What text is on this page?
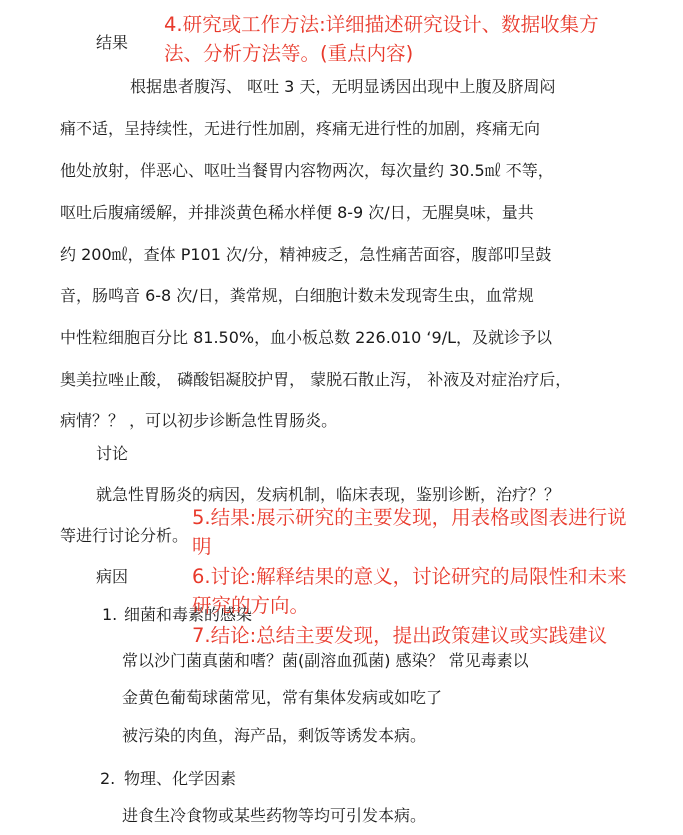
结果
根据患者腹泻、 呕吐 3 天，无明显诱因出现中上腹及脐周闷
痛不适，呈持续性，无进行性加剧，疼痛无进行性的加剧，疼痛无向
他处放射，伴恶心、呕吐当餐胃内容物两次，每次量约 30.5㎖ 不等，
呕吐后腹痛缓解，并排淡黄色稀水样便 8-9 次/日，无腥臭味，量共
约 200㎖，查体 P101 次/分，精神疲乏，急性痛苦面容，腹部叩呈鼓
音，肠鸣音 6-8 次/日，粪常规，白细胞计数未发现寄生虫，血常规
中性粒细胞百分比 81.50%，血小板总数 226.010 ‘9/L，及就诊予以
奥美拉唑止酸， 磷酸铝凝胶护胃， 蒙脱石散止泻， 补液及对症治疗后，
病情？？ ，可以初步诊断急性胃肠炎。
讨论
就急性胃肠炎的病因，发病机制，临床表现，鉴别诊断，治疗？？
等进行讨论分析。
病因
1. 细菌和毒素的感染
常以沙门菌真菌和嗜？菌(副溶血孤菌) 感染？ 常见毒素以
金黄色葡萄球菌常见，常有集体发病或如吃了
被污染的肉鱼，海产品，剩饭等诱发本病。
2. 物理、化学因素
进食生冷食物或某些药物等均可引发本病。
4.研究或工作方法:详细描述研究设计、数据收集方
法、分析方法等。(重点内容)
5.结果:展示研究的主要发现，用表格或图表进行说
明
6.讨论:解释结果的意义，讨论研究的局限性和未来
研究的方向。
7.结论:总结主要发现，提出政策建议或实践建议
